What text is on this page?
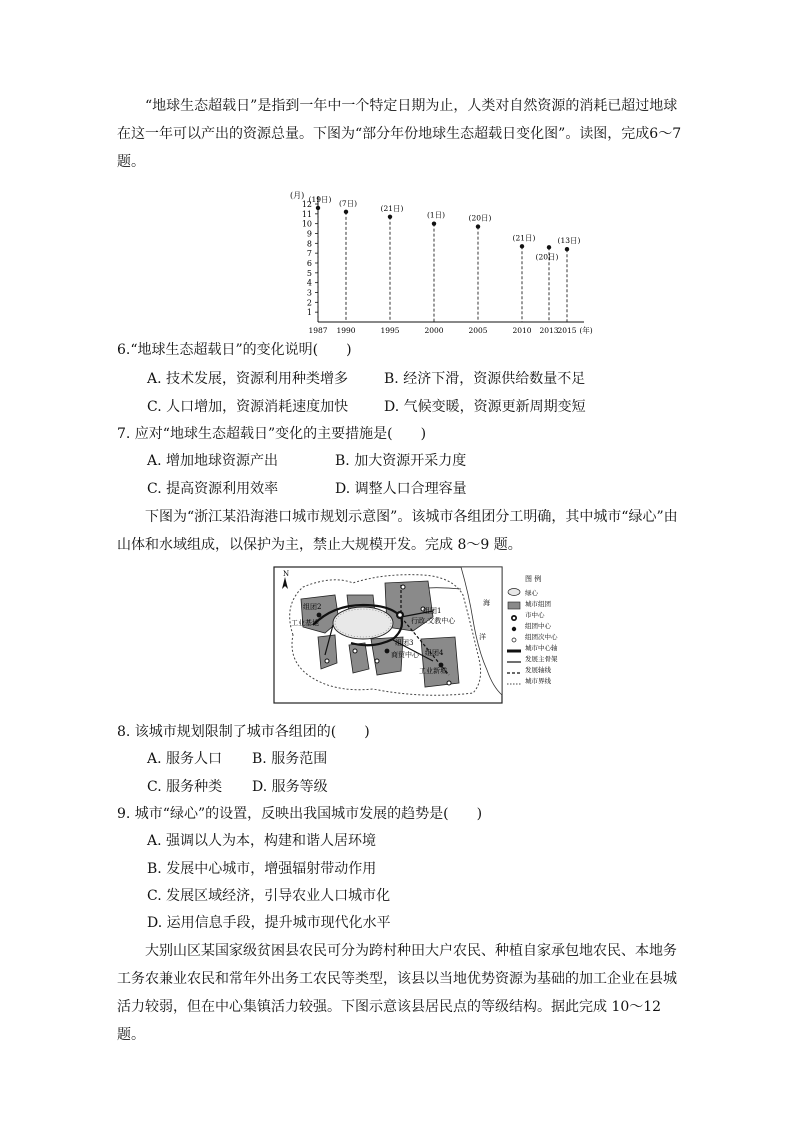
“地球生态超载日”是指到一年中一个特定日期为止，人类对自然资源的消耗已超过地球在这一年可以产出的资源总量。下图为“部分年份地球生态超载日变化图”。读图，完成6～7 题。

(月)
1
2
3
4
5
6
7
8
9
10
11
12
1987 1990	1995	2000	2005	2010 2013
2015 (年)
(19日) (7日)
(21日)
(1日)	(20日)
(21日)
(20日)
(13日)
6.“地球生态超载日”的变化说明(　　)
A. 技术发展，资源利用种类增多	B. 经济下滑，资源供给数量不足
C. 人口增加，资源消耗速度加快	D. 气候变暖，资源更新周期变短
7. 应对“地球生态超载日”变化的主要措施是(　　)
A. 增加地球资源产出	B. 加大资源开采力度
C. 提高资源利用效率	D. 调整人口合理容量

下图为“浙江某沿海港口城市规划示意图”。该城市各组团分工明确，其中城市“绿心”由山体和水域组成，以保护为主，禁止大规模开发。完成 8～9 题。

N
组团2
工业基地
组团1
行政.文教中心
组团3
商贸中心 组团4
工业新城
海
洋
图 例
绿心
城市组团
市中心
组团中心
组团次中心
城市中心轴
发展主骨架
发展轴线
城市界线
8. 该城市规划限制了城市各组团的(　　)
A. 服务人口 B. 服务范围
C. 服务种类 D. 服务等级
9. 城市“绿心”的设置，反映出我国城市发展的趋势是(　　)
A. 强调以人为本，构建和谐人居环境
B. 发展中心城市，增强辐射带动作用
C. 发展区域经济，引导农业人口城市化
D. 运用信息手段，提升城市现代化水平

大别山区某国家级贫困县农民可分为跨村种田大户农民、种植自家承包地农民、本地务工务农兼业农民和常年外出务工农民等类型，该县以当地优势资源为基础的加工企业在县城活力较弱，但在中心集镇活力较强。下图示意该县居民点的等级结构。据此完成 10～12 题。
